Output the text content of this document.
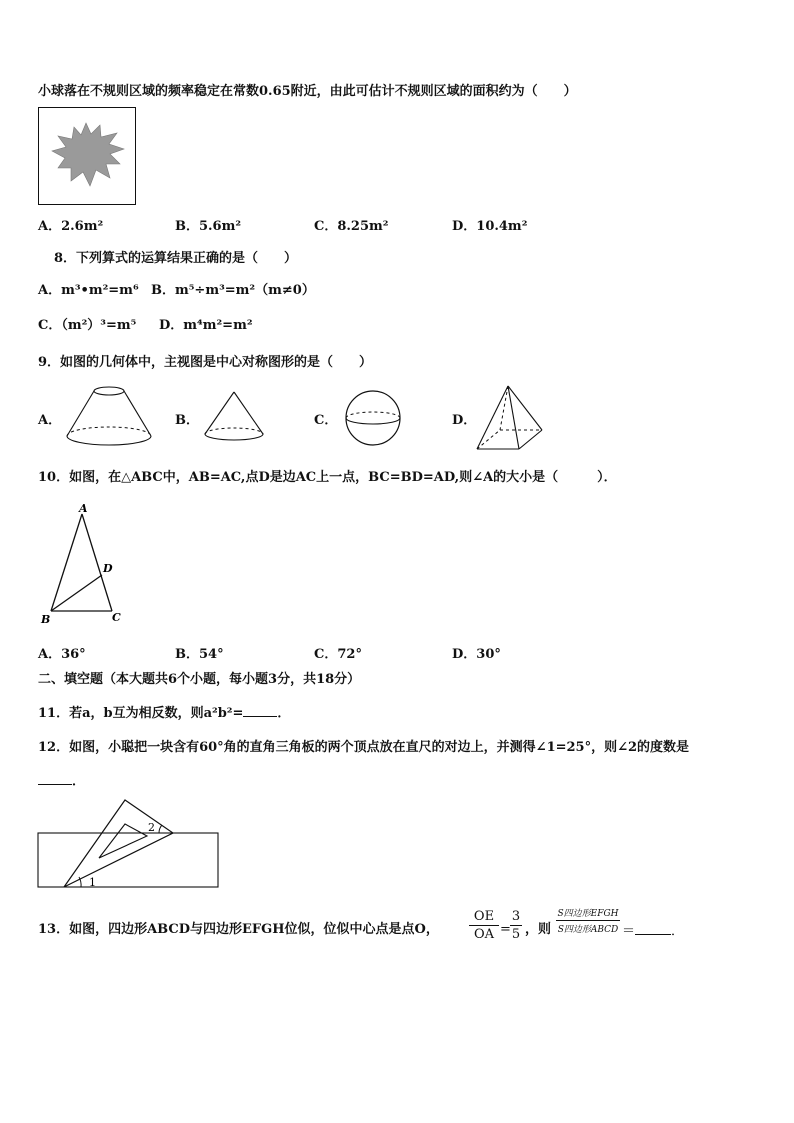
小球落在不规则区域的频率稳定在常数0.65附近，由此可估计不规则区域的面积约为（　　）
A．2.6m²	B．5.6m²	C．8.25m²	D．10.4m²
8．下列算式的运算结果正确的是（　　）
A．m³•m²=m⁶ B．m⁵÷m³=m²（m≠0）
C．（m²）³=m⁵ D．m⁴m²=m²
9．如图的几何体中，主视图是中心对称图形的是（　　）
A．	B．	C．	D．
10．如图，在△ABC中，AB=AC,点D是边AC上一点，BC=BD=AD,则∠A的大小是（　　　）．
A
B	C
D
A．36°	B．54°	C．72°	D．30°
二、填空题（本大题共6个小题，每小题3分，共18分）
11．若a，b互为相反数，则a²b²=	．
12．如图，小聪把一块含有60°角的直角三角板的两个顶点放在直尺的对边上，并测得∠1=25°，则∠2的度数是
．
1
2
13．如图，四边形ABCD与四边形EFGH位似，位似中心点是点O，
OE
OA =
3
5 ，则
S四边形EFGH
S四边形ABCD ＝	．
